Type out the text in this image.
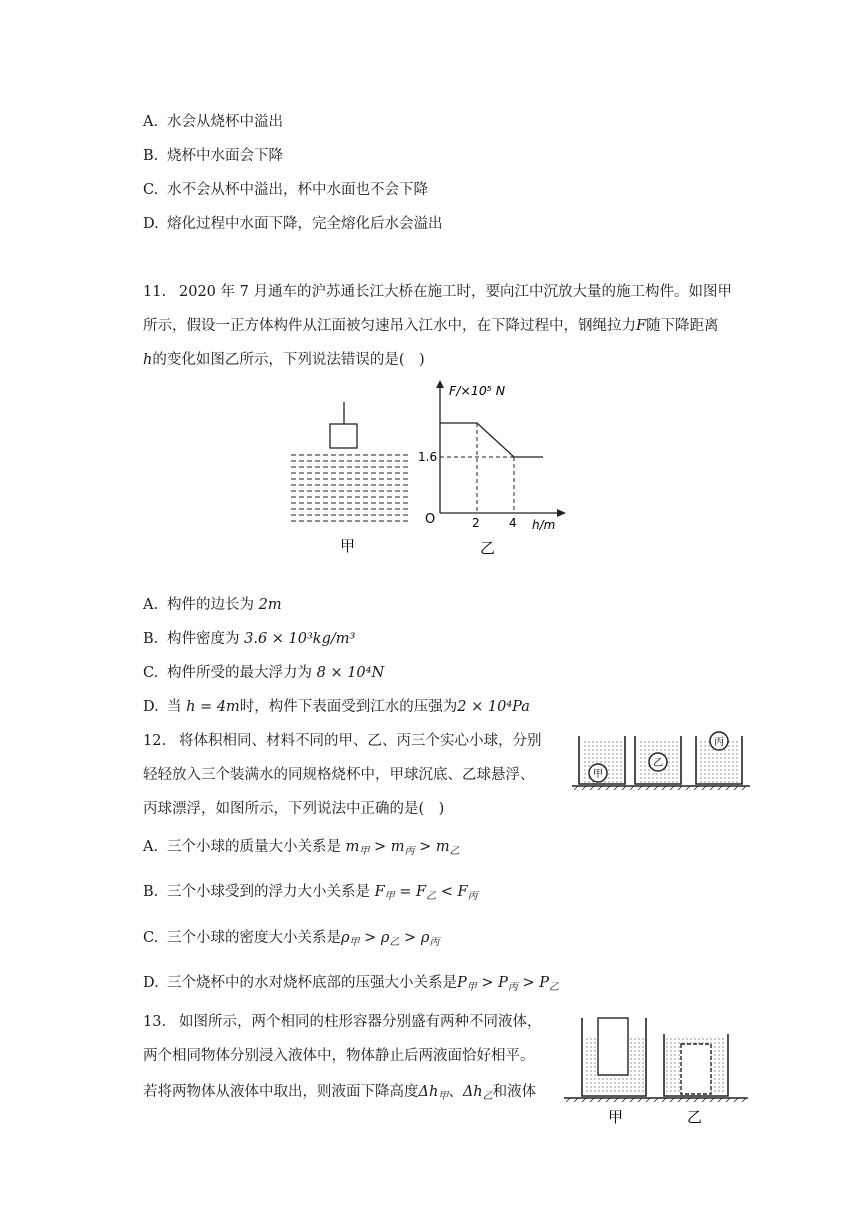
A. 水会从烧杯中溢出
B. 烧杯中水面会下降
C. 水不会从杯中溢出，杯中水面也不会下降
D. 熔化过程中水面下降，完全熔化后水会溢出
11. 2020 年 7 月通车的沪苏通长江大桥在施工时，要向江中沉放大量的施工构件。如图甲
所示，假设一正方体构件从江面被匀速吊入江水中，在下降过程中，钢绳拉力F随下降距离
h的变化如图乙所示，下列说法错误的是(　)
甲
F/×10⁵ N
O
1.6
2 4 h/m
乙
A. 构件的边长为 2m
B. 构件密度为 3.6 × 10³kg/m³
C. 构件所受的最大浮力为 8 × 10⁴N
D. 当 h = 4m时，构件下表面受到江水的压强为2 × 10⁴Pa
12. 将体积相同、材料不同的甲、乙、丙三个实心小球，分别
轻轻放入三个装满水的同规格烧杯中，甲球沉底、乙球悬浮、
丙球漂浮，如图所示，下列说法中正确的是(　)
甲
乙
丙
A. 三个小球的质量大小关系是 $m_甲 > m_丙 > m_乙$
B. 三个小球受到的浮力大小关系是 $F_甲 = F_乙 < F_丙$
C. 三个小球的密度大小关系是$\rho_甲 > \rho_乙 > \rho_丙$
D. 三个烧杯中的水对烧杯底部的压强大小关系是$P_甲 > P_丙 > P_乙$
13. 如图所示，两个相同的柱形容器分别盛有两种不同液体，
两个相同物体分别浸入液体中，物体静止后两液面恰好相平。
若将两物体从液体中取出，则液面下降高度$\Delta h_甲$、$\Delta h_乙$和液体
甲	乙
